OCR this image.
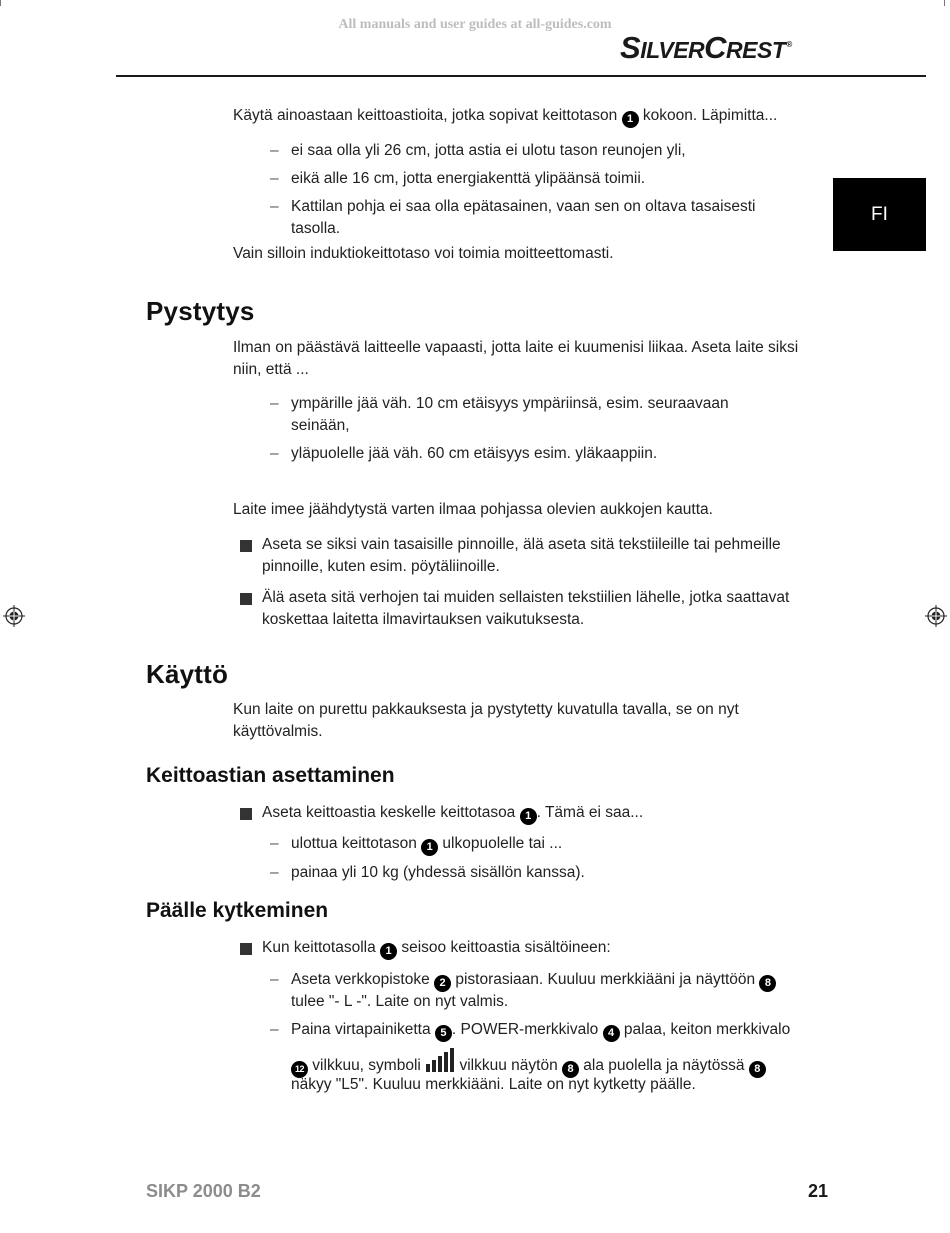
All manuals and user guides at all-guides.com
SILVERCREST®
FI
Käytä ainoastaan keittoastioita, jotka sopivat keittotason 1 kokoon. Läpimitta...
– ei saa olla yli 26 cm, jotta astia ei ulotu tason reunojen yli,
– eikä alle 16 cm, jotta energiakenttä ylipäänsä toimii.
– Kattilan pohja ei saa olla epätasainen, vaan sen on oltava tasaisesti
tasolla.
Vain silloin induktiokeittotaso voi toimia moitteettomasti.
Pystytys
Ilman on päästävä laitteelle vapaasti, jotta laite ei kuumenisi liikaa. Aseta laite siksi
niin, että ...
– ympärille jää väh. 10 cm etäisyys ympäriinsä, esim. seuraavaan
seinään,
– yläpuolelle jää väh. 60 cm etäisyys esim. yläkaappiin.
Laite imee jäähdytystä varten ilmaa pohjassa olevien aukkojen kautta.
Aseta se siksi vain tasaisille pinnoille, älä aseta sitä tekstiileille tai pehmeille
pinnoille, kuten esim. pöytäliinoille.
Älä aseta sitä verhojen tai muiden sellaisten tekstiilien lähelle, jotka saattavat
koskettaa laitetta ilmavirtauksen vaikutuksesta.
Käyttö
Kun laite on purettu pakkauksesta ja pystytetty kuvatulla tavalla, se on nyt
käyttövalmis.
Keittoastian asettaminen
Aseta keittoastia keskelle keittotasoa 1 . Tämä ei saa...
– ulottua keittotason 1 ulkopuolelle tai ...
– painaa yli 10 kg (yhdessä sisällön kanssa).
Päälle kytkeminen
Kun keittotasolla 1 seisoo keittoastia sisältöineen:
– Aseta verkkopistoke 2 pistorasiaan. Kuuluu merkkiääni ja näyttöön 8
tulee "- L -". Laite on nyt valmis.
– Paina virtapainiketta 5 . POWER-merkkivalo 4 palaa, keiton merkkivalo
12 vilkkuu, symboli  vilkkuu näytön 8 ala puolella ja näytössä 8
näkyy "L5". Kuuluu merkkiääni. Laite on nyt kytketty päälle.
SIKP 2000 B2	21
